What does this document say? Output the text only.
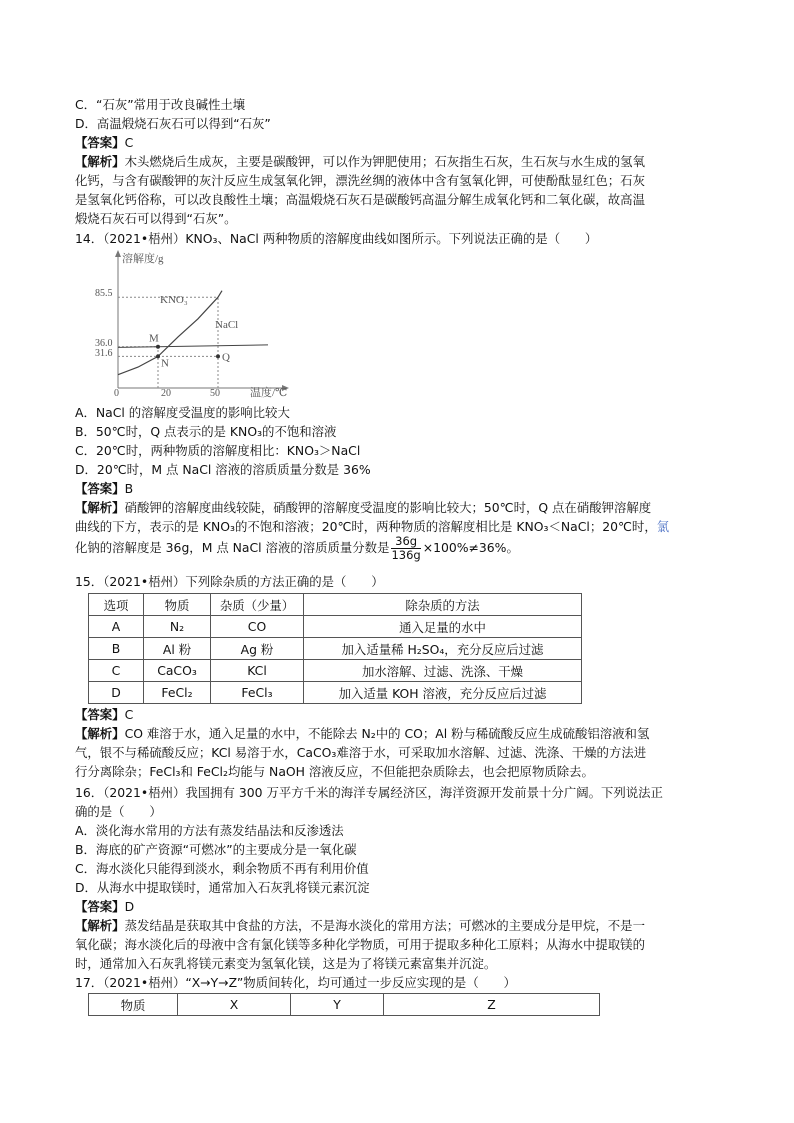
C．“石灰”常用于改良碱性土壤
D．高温煅烧石灰石可以得到“石灰”
【答案】C
【解析】木头燃烧后生成灰，主要是碳酸钾，可以作为钾肥使用；石灰指生石灰，生石灰与水生成的氢氧
化钙，与含有碳酸钾的灰汁反应生成氢氧化钾，漂洗丝绸的液体中含有氢氧化钾，可使酚酞显红色；石灰
是氢氧化钙俗称，可以改良酸性土壤；高温煅烧石灰石是碳酸钙高温分解生成氧化钙和二氧化碳，故高温
煅烧石灰石可以得到“石灰”。
14．（2021•梧州）KNO₃、NaCl 两种物质的溶解度曲线如图所示。下列说法正确的是（　　）
溶解度/g
温度/℃
0	20	50
85.5
36.0
31.6
KNO₃
NaCl
M
N	Q
A．NaCl 的溶解度受温度的影响比较大
B．50℃时，Q 点表示的是 KNO₃的不饱和溶液
C．20℃时，两种物质的溶解度相比：KNO₃＞NaCl
D．20℃时，M 点 NaCl 溶液的溶质质量分数是 36%
【答案】B
【解析】硝酸钾的溶解度曲线较陡，硝酸钾的溶解度受温度的影响比较大；50℃时，Q 点在硝酸钾溶解度
曲线的下方，表示的是 KNO₃的不饱和溶液；20℃时，两种物质的溶解度相比是 KNO₃＜NaCl；20℃时，氯
化钠的溶解度是 36g，M 点 NaCl 溶液的溶质质量分数是 $\frac{36g}{136g} \times 100\%\ne 36\%$。
15．（2021•梧州）下列除杂质的方法正确的是（　　）
选项	物质	杂质（少量）	除杂质的方法
A	N₂	CO	通入足量的水中
B	Al 粉	Ag 粉	加入适量稀 H₂SO₄，充分反应后过滤
C	CaCO₃	KCl	加水溶解、过滤、洗涤、干燥
D	FeCl₂	FeCl₃	加入适量 KOH 溶液，充分反应后过滤
【答案】C
【解析】CO 难溶于水，通入足量的水中，不能除去 N₂中的 CO；Al 粉与稀硫酸反应生成硫酸铝溶液和氢
气，银不与稀硫酸反应；KCl 易溶于水，CaCO₃难溶于水，可采取加水溶解、过滤、洗涤、干燥的方法进
行分离除杂；FeCl₃和 FeCl₂均能与 NaOH 溶液反应，不但能把杂质除去，也会把原物质除去。
16．（2021•梧州）我国拥有 300 万平方千米的海洋专属经济区，海洋资源开发前景十分广阔。下列说法正
确的是（　　）
A．淡化海水常用的方法有蒸发结晶法和反渗透法
B．海底的矿产资源“可燃冰”的主要成分是一氧化碳
C．海水淡化只能得到淡水，剩余物质不再有利用价值
D．从海水中提取镁时，通常加入石灰乳将镁元素沉淀
【答案】D
【解析】蒸发结晶是获取其中食盐的方法，不是海水淡化的常用方法；可燃冰的主要成分是甲烷，不是一
氧化碳；海水淡化后的母液中含有氯化镁等多种化学物质，可用于提取多种化工原料；从海水中提取镁的
时，通常加入石灰乳将镁元素变为氢氧化镁，这是为了将镁元素富集并沉淀。
17．（2021•梧州）“X→Y→Z”物质间转化，均可通过一步反应实现的是（　　）
物质	X	Y	Z
